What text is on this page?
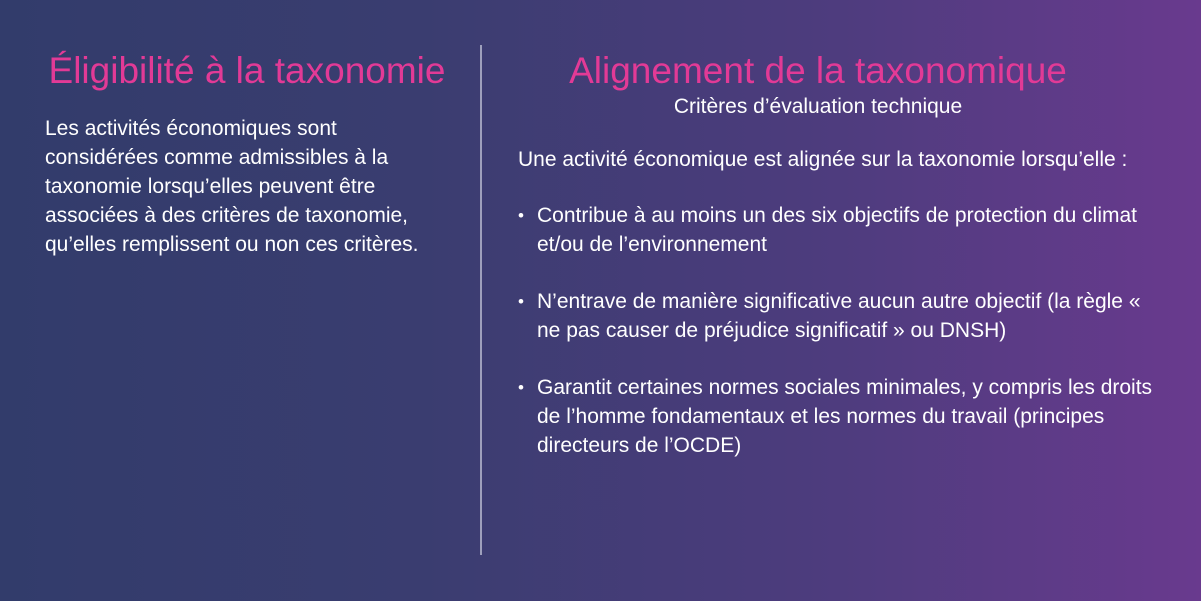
Éligibilité à la taxonomie

Les activités économiques sont considérées comme admissibles à la taxonomie lorsqu’elles peuvent être associées à des critères de taxonomie, qu’elles remplissent ou non ces critères.

Alignement de la taxonomique
Critères d’évaluation technique

Une activité économique est alignée sur la taxonomie lorsqu’elle :

• Contribue à au moins un des six objectifs de protection du climat et/ou de l’environnement
• N’entrave de manière significative aucun autre objectif (la règle « ne pas causer de préjudice significatif » ou DNSH)
• Garantit certaines normes sociales minimales, y compris les droits de l’homme fondamentaux et les normes du travail (principes directeurs de l’OCDE)
